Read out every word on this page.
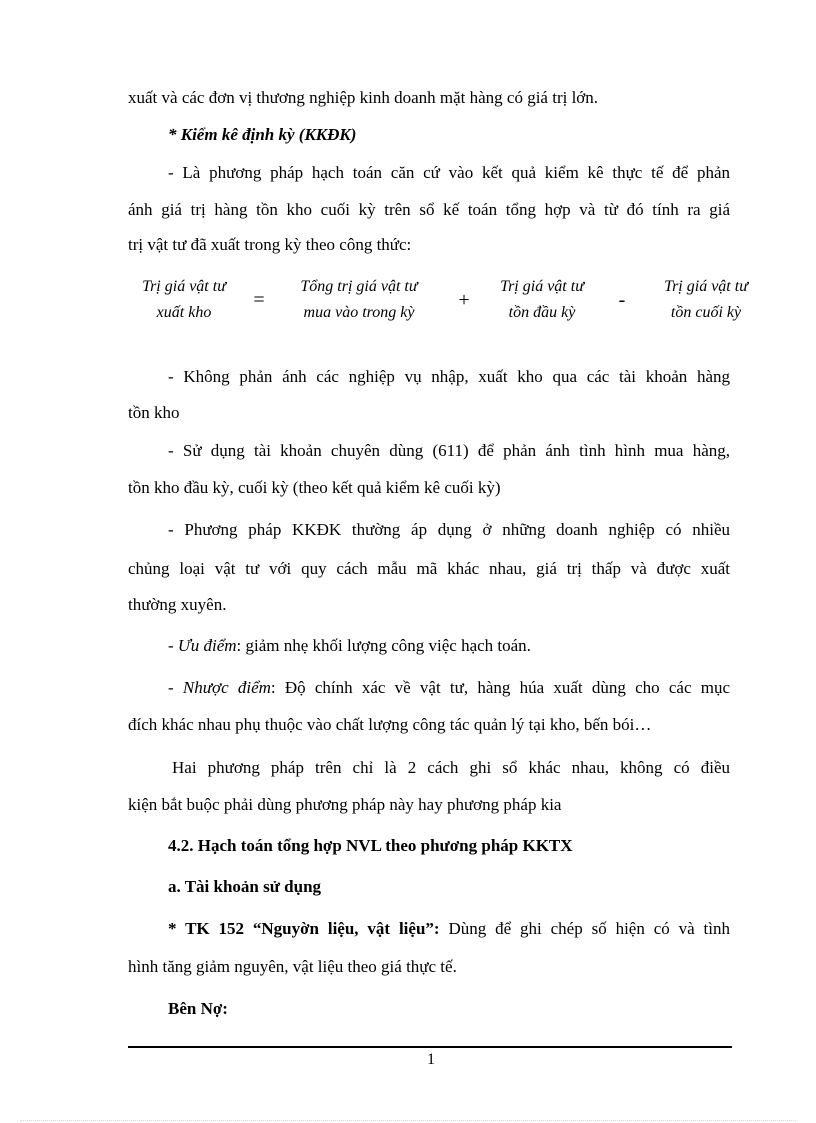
xuất và các đơn vị thương nghiệp kinh doanh mặt hàng có giá trị lớn.
* Kiểm kê định kỳ (KKĐK)
- Là phương pháp hạch toán căn cứ vào kết quả kiểm kê thực tế để phản
ánh giá trị hàng tồn kho cuối kỳ trên sổ kế toán tổng hợp và từ đó tính ra giá
trị vật tư đã xuất trong kỳ theo công thức:
Trị giá vật tư
xuất kho
=
Tổng trị giá vật tư
mua vào trong kỳ
+
Trị giá vật tư
tồn đầu kỳ
-
Trị giá vật tư
tồn cuối kỳ
- Không phản ánh các nghiệp vụ nhập, xuất kho qua các tài khoản hàng
tồn kho
- Sử dụng tài khoản chuyên dùng (611) để phản ánh tình hình mua hàng,
tồn kho đầu kỳ, cuối kỳ (theo kết quả kiểm kê cuối kỳ)
- Phương pháp KKĐK thường áp dụng ở những doanh nghiệp có nhiều
chủng loại vật tư với quy cách mẫu mã khác nhau, giá trị thấp và được xuất
thường xuyên.
- Ưu điểm: giảm nhẹ khối lượng công việc hạch toán.
- Nhược điểm: Độ chính xác về vật tư, hàng húa xuất dùng cho các mục
đích khác nhau phụ thuộc vào chất lượng công tác quản lý tại kho, bến bói…
Hai phương pháp trên chỉ là 2 cách ghi sổ khác nhau, không có điều
kiện bắt buộc phải dùng phương pháp này hay phương pháp kia
4.2. Hạch toán tổng hợp NVL theo phương pháp KKTX
a. Tài khoản sử dụng
* TK 152 “Nguyờn liệu, vật liệu”: Dùng để ghi chép số hiện có và tình
hình tăng giảm nguyên, vật liệu theo giá thực tế.
Bên Nợ:
1
